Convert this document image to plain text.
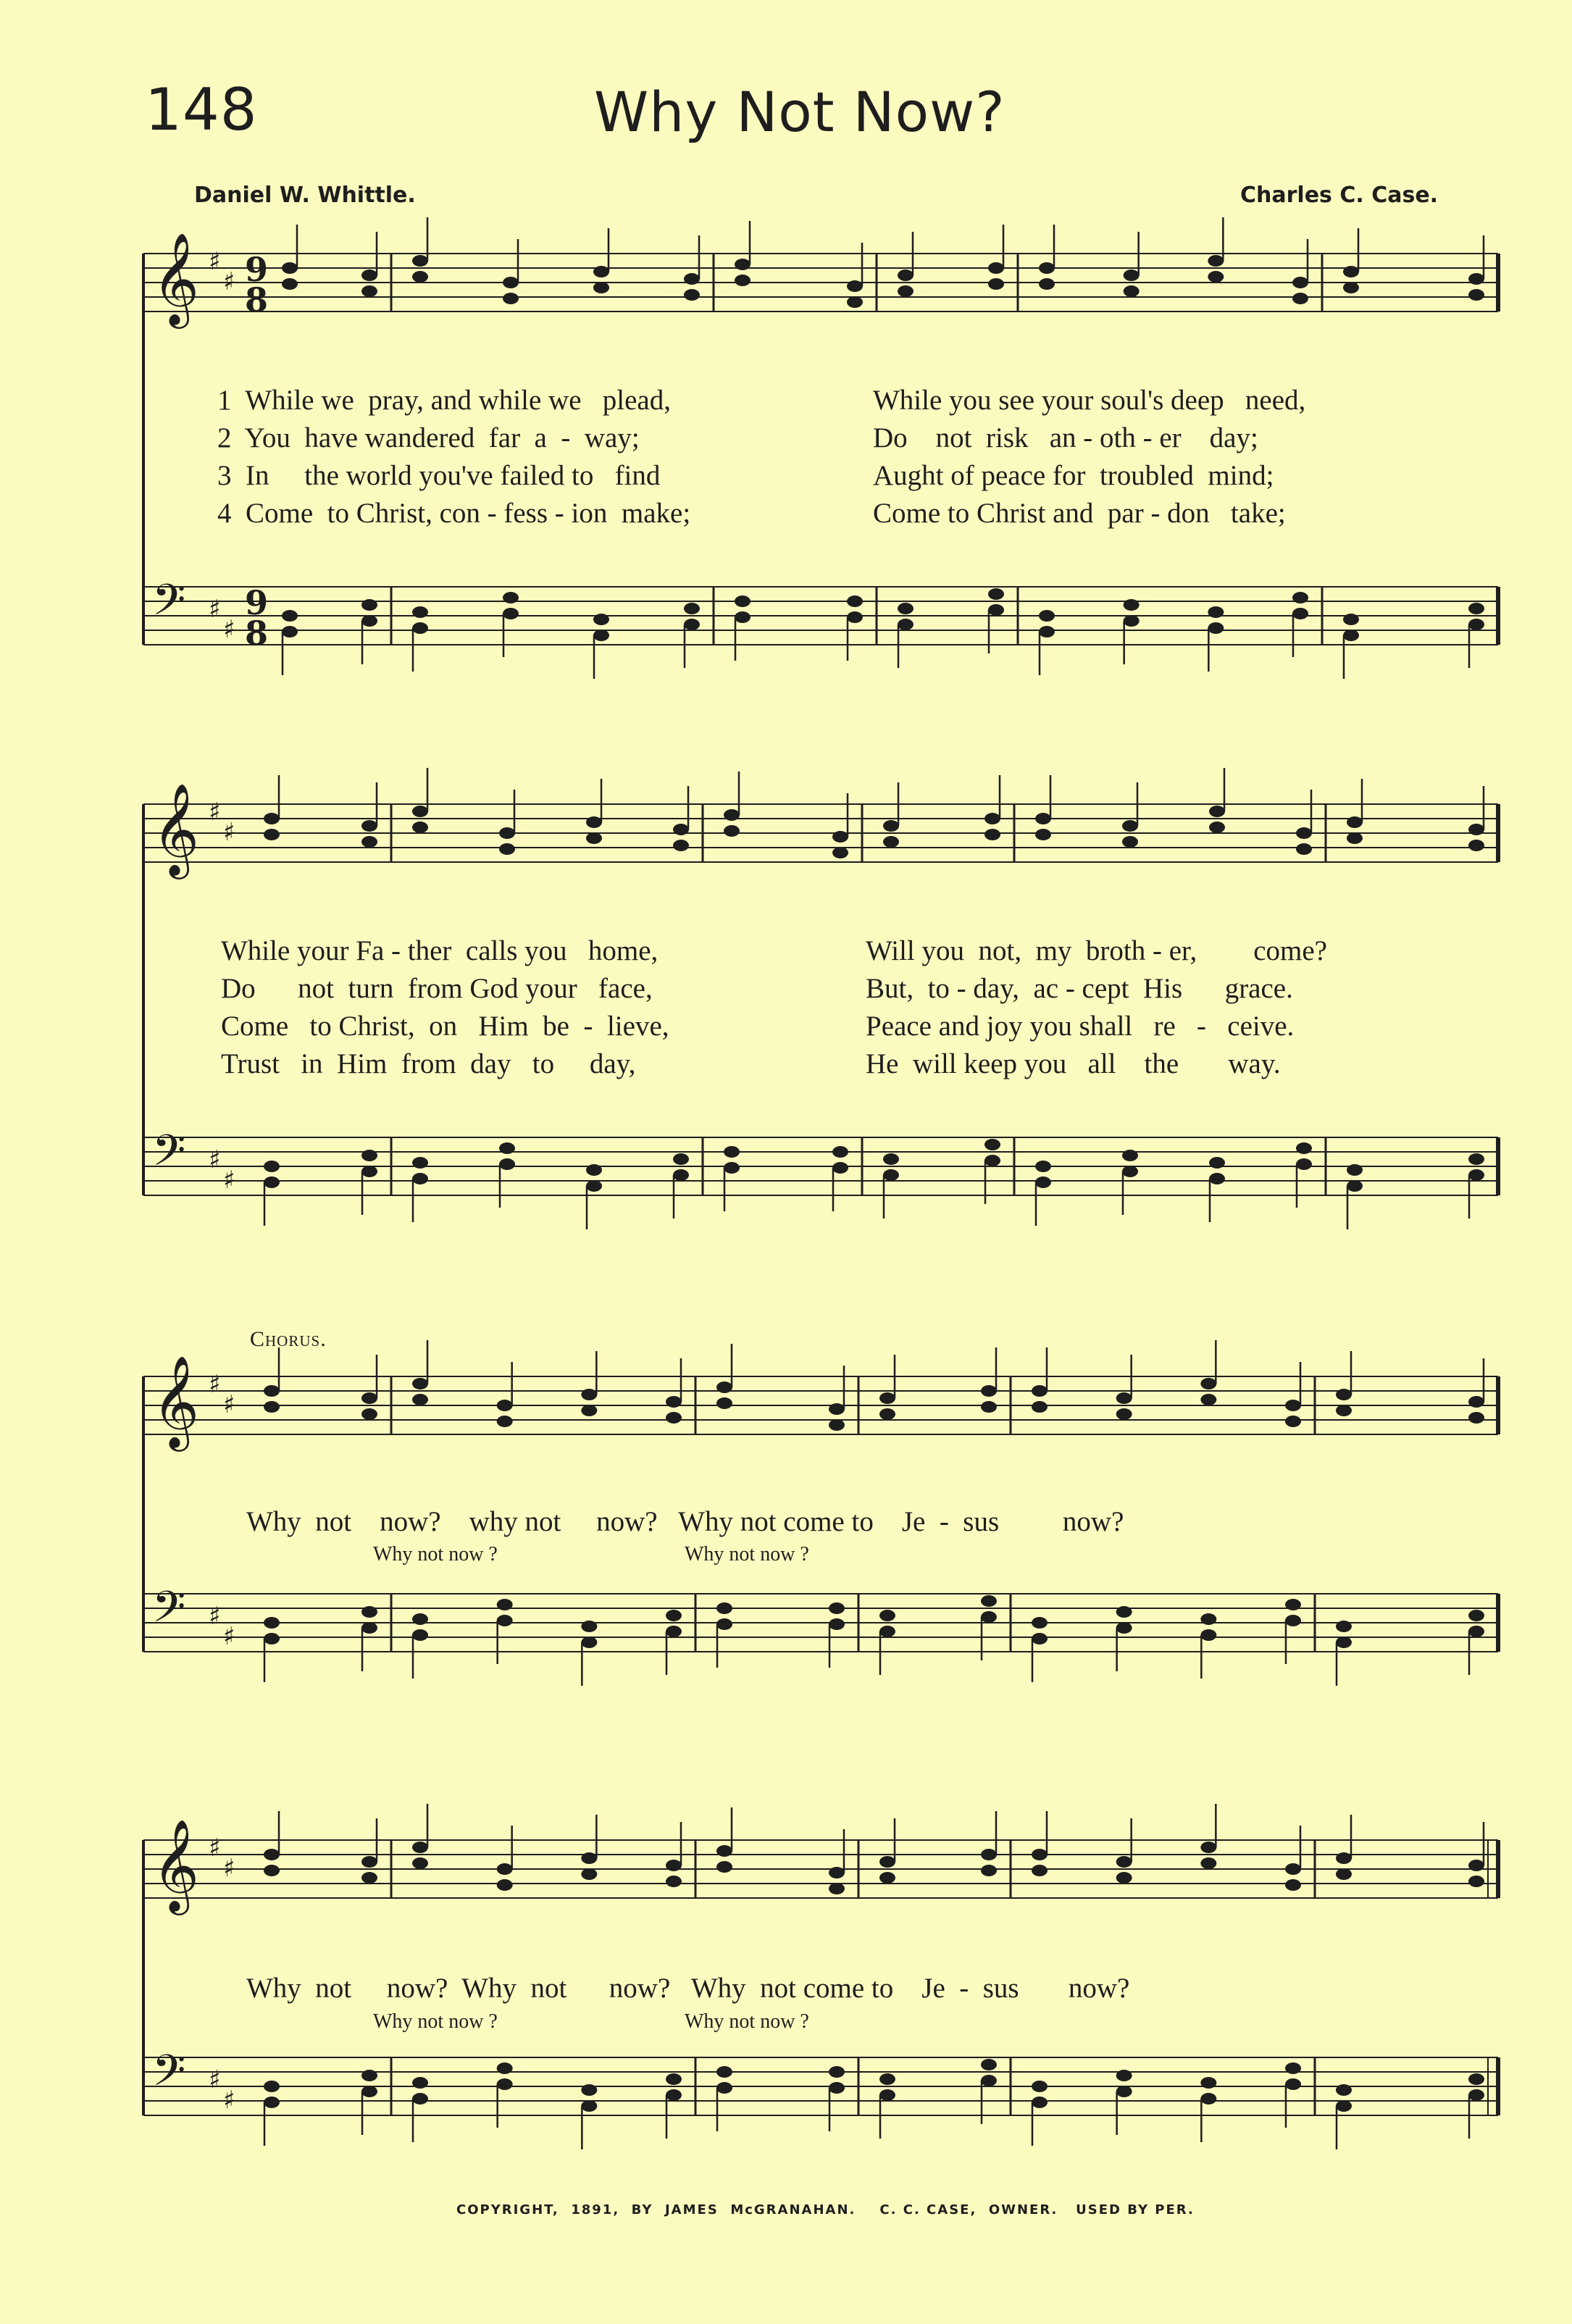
148	Why Not Now?
Daniel W. Whittle.	Charles C. Case.
𝄞 ♯
♯ 9
8
𝄢 ♯
♯
9
8
𝄞 ♯
♯
𝄢 ♯
♯
𝄞 ♯
♯
𝄢 ♯
♯
𝄞 ♯
♯
𝄢 ♯
♯
1  While we  pray, and while we   plead,
2  You  have wandered  far  a  -  way;
3  In     the world you've failed to   find
4  Come  to Christ, con - fess - ion  make;
While you see your soul's deep   need,
Do    not  risk   an - oth - er    day;
Aught of peace for  troubled  mind;
Come to Christ and  par - don   take;
While your Fa - ther  calls you   home,
Do      not  turn  from God your   face,
Come   to Christ,  on   Him  be  -  lieve,
Trust   in  Him  from  day   to     day,
Will you  not,  my  broth - er,        come?
But,  to - day,  ac - cept  His      grace.
Peace and joy you shall   re   -   ceive.
He  will keep you   all    the       way.
Chorus.
Why  not    now?    why not     now?   Why not come to    Je  -  sus         now?
Why not now ?	Why not now ?
Why  not     now?  Why  not      now?   Why  not come to    Je  -  sus       now?
Why not now ?	Why not now ?
COPYRIGHT,  1891,  BY  JAMES  McGRANAHAN.    C. C. CASE,  OWNER.   USED BY PER.
